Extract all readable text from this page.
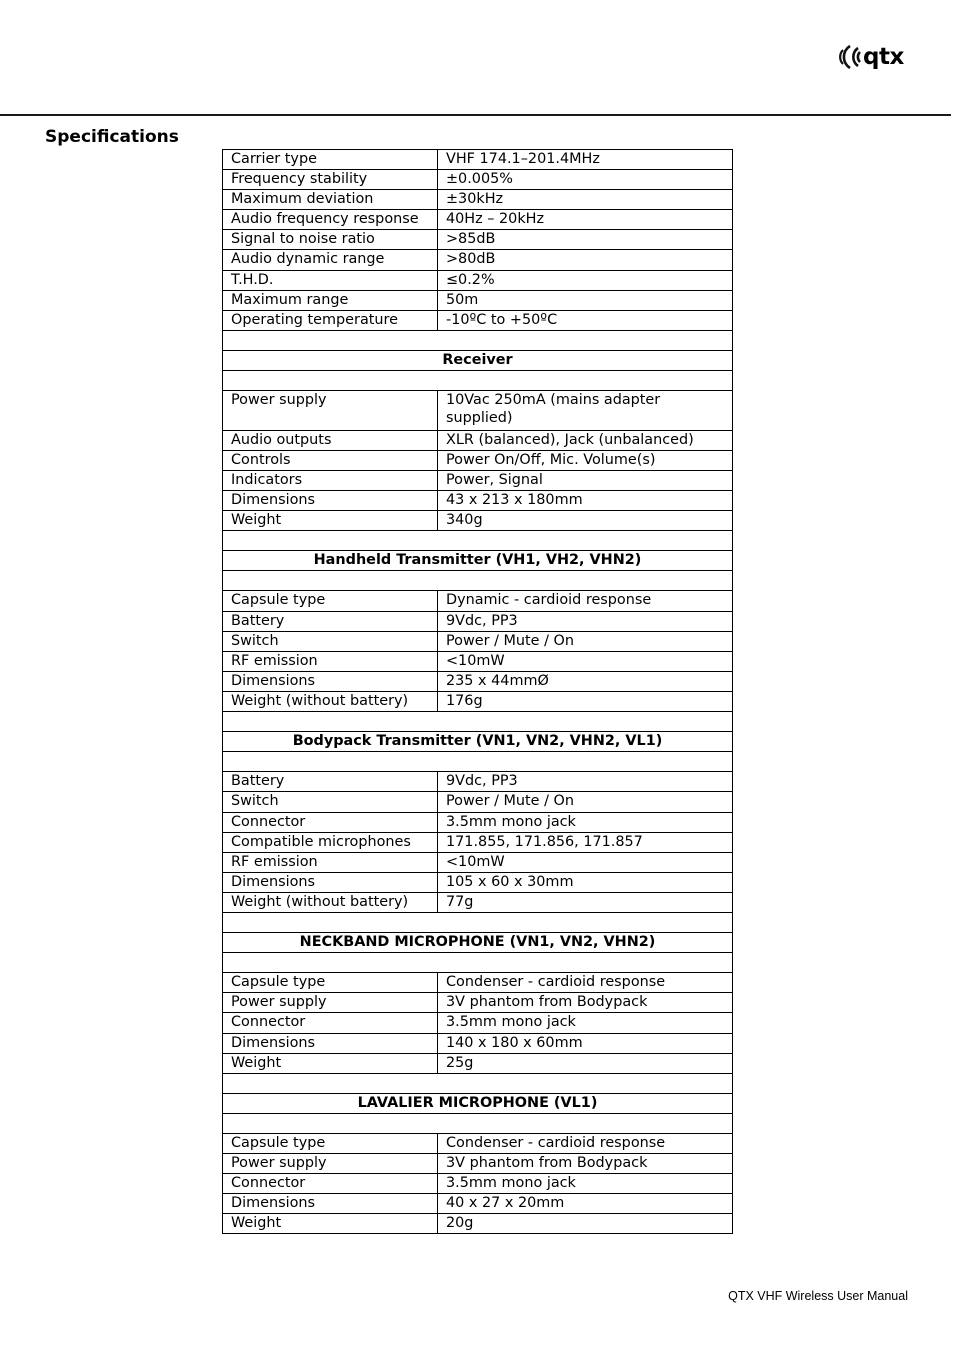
qtx
Specifications
Carrier type	VHF 174.1–201.4MHz
Frequency stability	±0.005%
Maximum deviation	±30kHz
Audio frequency response	40Hz – 20kHz
Signal to noise ratio	>85dB
Audio dynamic range	>80dB
T.H.D.	≤0.2%
Maximum range	50m
Operating temperature	-10ºC to +50ºC

Receiver	

Power supply	10Vac 250mA (mains adapter supplied)
Audio outputs	XLR (balanced), Jack (unbalanced)
Controls	Power On/Off, Mic. Volume(s)
Indicators	Power, Signal
Dimensions	43 x 213 x 180mm
Weight	340g

Handheld Transmitter (VH1, VH2, VHN2)	

Capsule type	Dynamic - cardioid response
Battery	9Vdc, PP3
Switch	Power / Mute / On
RF emission	<10mW
Dimensions	235 x 44mmØ
Weight (without battery)	176g

Bodypack Transmitter (VN1, VN2, VHN2, VL1)	

Battery	9Vdc, PP3
Switch	Power / Mute / On
Connector	3.5mm mono jack
Compatible microphones	171.855, 171.856, 171.857
RF emission	<10mW
Dimensions	105 x 60 x 30mm
Weight (without battery)	77g

NECKBAND MICROPHONE (VN1, VN2, VHN2)	

Capsule type	Condenser - cardioid response
Power supply	3V phantom from Bodypack
Connector	3.5mm mono jack
Dimensions	140 x 180 x 60mm
Weight	25g

LAVALIER MICROPHONE (VL1)	

Capsule type	Condenser - cardioid response
Power supply	3V phantom from Bodypack
Connector	3.5mm mono jack
Dimensions	40 x 27 x 20mm
Weight	20g
QTX VHF Wireless User Manual
